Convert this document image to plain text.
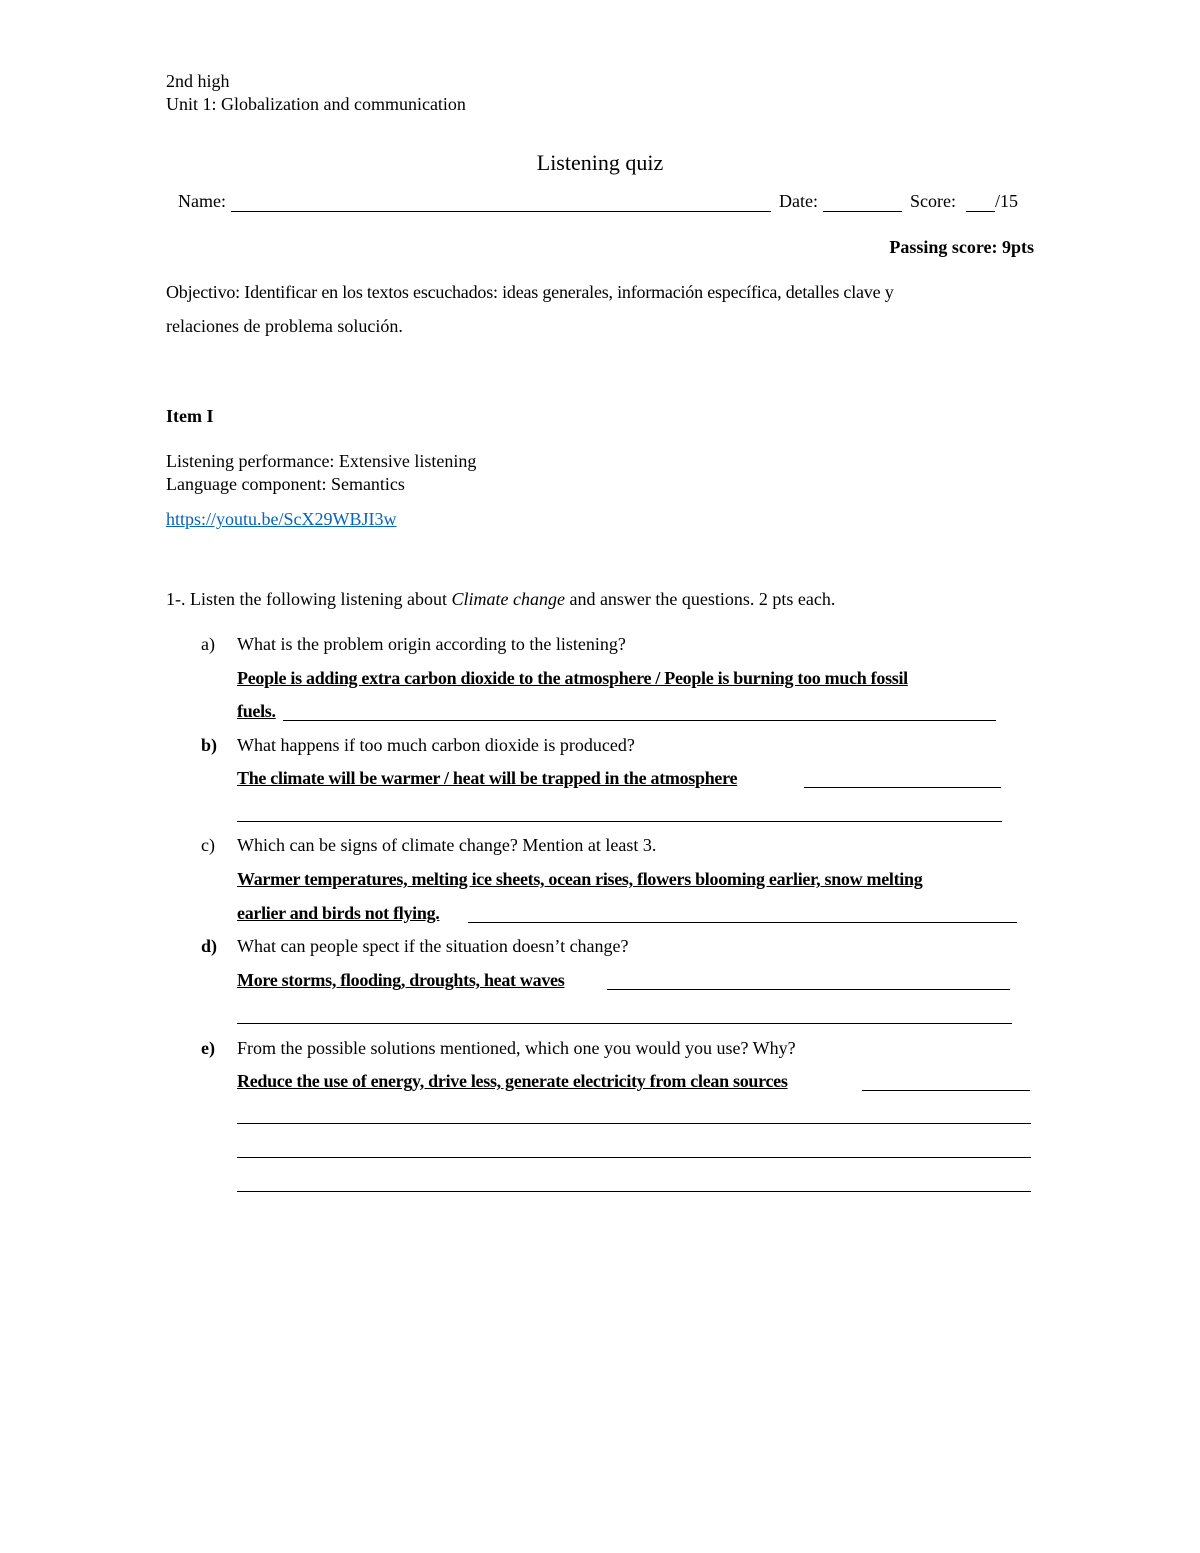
2nd high
Unit 1: Globalization and communication
Listening quiz
Name:	Date:	Score: /15
Passing score: 9pts
Objectivo: Identificar en los textos escuchados: ideas generales, información específica, detalles clave y
relaciones de problema solución.
Item I
Listening performance: Extensive listening
Language component: Semantics
https://youtu.be/ScX29WBJI3w
1-. Listen the following listening about Climate change and answer the questions. 2 pts each.
a) What is the problem origin according to the listening?
People is adding extra carbon dioxide to the atmosphere / People is burning too much fossil
fuels.
b) What happens if too much carbon dioxide is produced?
The climate will be warmer / heat will be trapped in the atmosphere
c) Which can be signs of climate change? Mention at least 3.
Warmer temperatures, melting ice sheets, ocean rises, flowers blooming earlier, snow melting
earlier and birds not flying.
d) What can people spect if the situation doesn’t change?
More storms, flooding, droughts, heat waves
e) From the possible solutions mentioned, which one you would you use? Why?
Reduce the use of energy, drive less, generate electricity from clean sources
